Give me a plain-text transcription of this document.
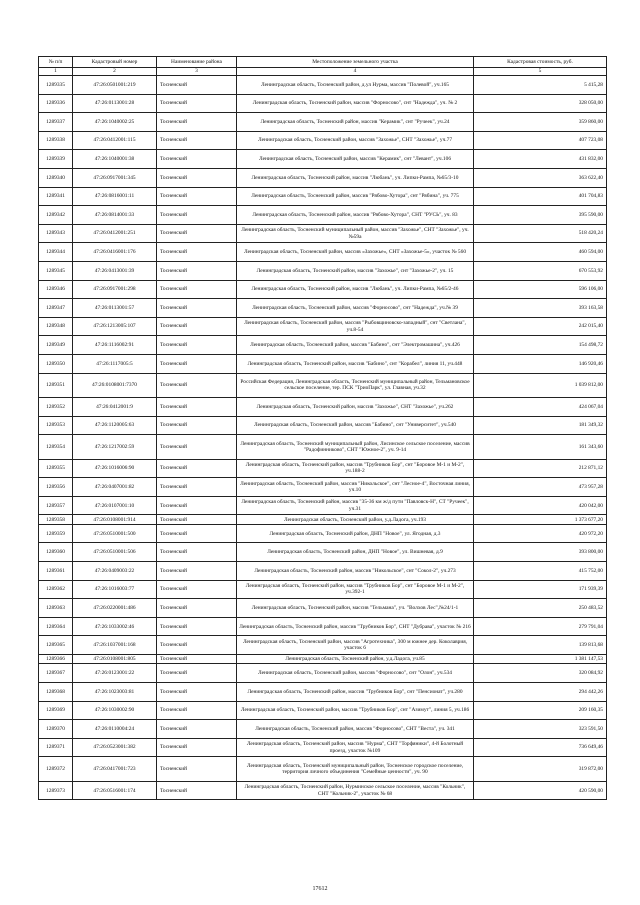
№ п/п	Кадастровый номер	Наименование района	Местоположение земельного участка	Кадастровая стоимость, руб.
1	2	3	4	5
1289335	47:26:0501001:219	Тосненский	Ленинградская область, Тосненский район, д.ул Нурма, массив "Полевой", уч.165	5 415,28
1289336	47:26:0113001:28	Тосненский	Ленинградская область, Тосненский район, массив "Форносово", снт "Надежда", уч. № 2	328 050,00
1289337	47:26:1040002:25	Тосненский	Ленинградская область, Тосненский район, массив "Керамик", снт "Ручеек", уч.24	359 860,00
1289338	47:26:0412001:115	Тосненский	Ленинградская область, Тосненский район, массив "Захожье", СНТ "Захожье", уч.77	407 723,08
1289339	47:26:1040001:38	Тосненский	Ленинградская область, Тосненский район, массив "Керамик", снт "Левант", уч.106	431 832,00
1289340	47:26:0917001:345	Тосненский	Ленинградская область, Тосненский район, массив "Любань", уч. Липки-Рампа, №65/3-10	363 622,40
1289341	47:26:0816001:11	Тосненский	Ленинградская область, Тосненский район, массив "Рябово-Хутора", снт "Рябина", уч. 775	401 704,83
1289342	47:26:0814001:33	Тосненский	Ленинградская область, Тосненский район, массив "Рябово-Хутора", СНТ "РУСЬ", уч. 83	395 590,00
1289343	47:26:0412001:251	Тосненский	Ленинградская область, Тосненский муниципальный район, массив "Захожье", СНТ "Захожье", уч.№59а	518 420,24
1289344	47:26:0416001:176	Тосненский	Ленинградская область, Тосненский район, массив «Захожье», СНТ «Захожье-5», участок № 560	460 594,00
1289345	47:26:0413001:39	Тосненский	Ленинградская область, Тосненский район, массив "Захожье", снт "Захожье-2", уч. 15	670 553,92
1289346	47:26:0917001:298	Тосненский	Ленинградская область, Тосненский район, массив "Любань", уч. Липки-Рампа, №65/2-46	596 106,00
1289347	47:26:0113001:57	Тосненский	Ленинградская область, Тосненский район, массив "Форносово", снт "Надежда", уч.№ 39	393 163,58
1289348	47:26:1213005:107	Тосненский	Ленинградская область, Тосненский район, массив "Рыбовщиновско-западный", снт "Светлана", уч.8-54	242 015,40
1289349	47:26:1116002:91	Тосненский	Ленинградская область, Тосненский район, массив "Бабино", снт "Электромашина", уч.426	154 498,72
1289350	47:26:1117005:5	Тосненский	Ленинградская область, Тосненский район, массив "Бабино", снт "Корабел", линия 11, уч.448	146 920,46
1289351	47:26:0108001:7370	Тосненский	Российская Федерация, Ленинградская область, Тосненский муниципальный район, Тельмановское сельское поселение, тер. ПСК "ТриоПарк", ул. Главная, уч.32	1 039 812,00
1289352	47:26:0412001:9	Тосненский	Ленинградская область, Тосненский район, массив "Захожье", СНТ "Захожье", уч.262	424 067,04
1289353	47:26:1120005:63	Тосненский	Ленинградская область, Тосненский район, массив "Бабино", снт "Университет", уч.540	181 349,32
1289354	47:26:1217002:59	Тосненский	Ленинградская область, Тосненский муниципальный район, Лисинское сельское поселение, массив "Радофинниково", СНТ "Южное-2", уч. 9-14	161 343,60
1289355	47:26:1016006:90	Тосненский	Ленинградская область, Тосненский район, массив "Трубников Бор", снт "Боровое М-1 и М-2", уч.188-2	212 871,12
1289356	47:26:0407001:82	Тосненский	Ленинградская область, Тосненский район, массив "Никольское", снт "Лесное-4", Восточная линия, уч.10	473 957,28
1289357	47:26:0107001:10	Тосненский	Ленинградская область, Тосненский район, массив "35-36 км ж/д пути "Павловск-Н", СТ "Ручеек", уч.31	420 042,00
1289358	47:26:0108001:914	Тосненский	Ленинградская область, Тосненский район, у.д.Ладога, уч.193	1 373 677,20
1289359	47:26:0510001:500	Тосненский	Ленинградская область, Тосненский район, ДНП "Новое", ул. Ягодная, д.3	420 972,20
1289360	47:26:0510001:506	Тосненский	Ленинградская область, Тосненский район, ДНП "Новое", ул. Вишневая, д.9	393 800,00
1289361	47:26:0409003:22	Тосненский	Ленинградская область, Тосненский район, массив "Никольское", снт "Сокол-2", уч.273	415 752,00
1289362	47:26:1016003:77	Тосненский	Ленинградская область, Тосненский район, массив "Трубников Бор", снт "Боровое М-1 и М-2", уч.392-1	171 939,39
1289363	47:26:0220001:486	Тосненский	Ленинградская область, Тосненский район, массив "Тельмана", уч. "Волхов Лес",№24/1-1	250 483,52
1289364	47:26:1033002:46	Тосненский	Ленинградская область, Тосненский район, массив "Трубников Бор", СНТ "Дубрава", участок № 216	279 791,04
1289365	47:26:1037001:168	Тосненский	Ленинградская область, Тосненский район, массив "Агротехника", 300 м южнее дер. Коколаврия, участок 6	139 813,68
1289366	47:26:0108001:805	Тосненский	Ленинградская область, Тосненский район, у.д.Ладога, уч.85	1 381 147,53
1289367	47:26:0123001:22	Тосненский	Ленинградская область, Тосненский район, массив "Форносово", снт "Олон", уч.534	320 084,92
1289368	47:26:1023003:81	Тосненский	Ленинградская область, Тосненский район, массив "Трубников Бор", снт "Пенсионат", уч.280	294 442,26
1289369	47:26:1030002:90	Тосненский	Ленинградская область, Тосненский район, массив "Трубников Бор", снт "Азимут", линия 5, уч.186	209 160,35
1289370	47:26:0110004:24	Тосненский	Ленинградская область, Тосненский район, массив "Форносово", СНТ "Веста", уч. 341	323 591,50
1289371	47:26:0523001:382	Тосненский	Ленинградская область, Тосненский район, массив "Нурма", СНТ "Торфяники", 4-й Болотный проезд, участок №109	736 649,46
1289372	47:26:0417001:723	Тосненский	Ленинградская область, Тосненский муниципальный район, Тосненское городское поселение, территория личного объединения "Семейные ценности", уч. 90	319 872,00
1289373	47:26:0516001:174	Тосненский	Ленинградская область, Тосненский район, Нурминское сельское поселение, массив "Кольник", СНТ "Кольник-2", участок № 68	420 590,00
17612
